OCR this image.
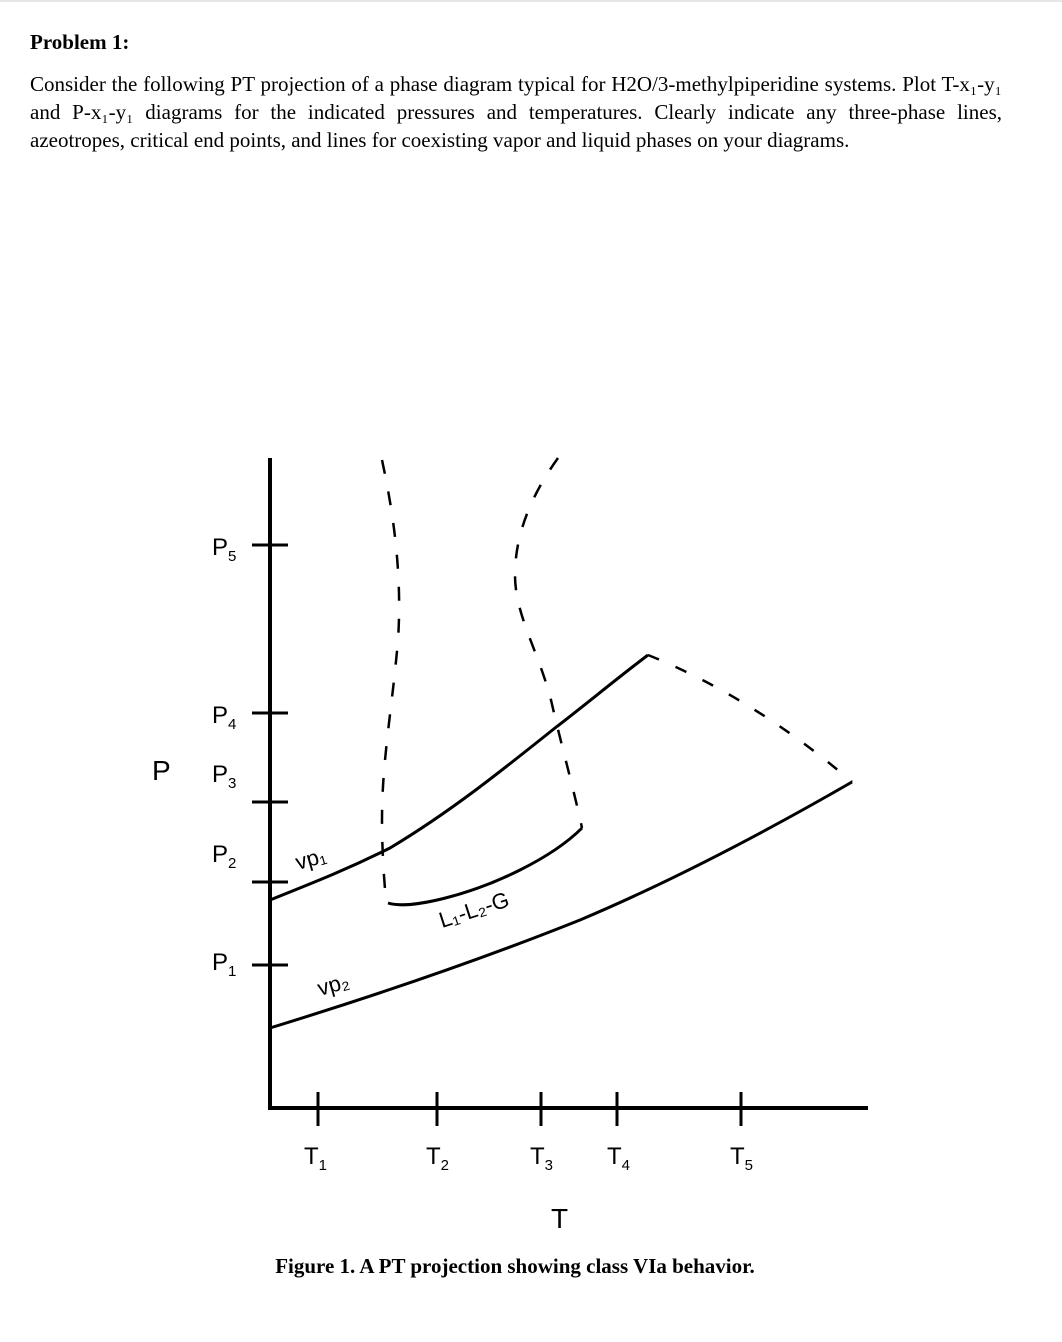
Problem 1:

Consider the following PT projection of a phase diagram typical for H2O/3-methylpiperidine systems. Plot T-x₁-y₁ and P-x₁-y₁ diagrams for the indicated pressures and temperatures. Clearly indicate any three-phase lines, azeotropes, critical end points, and lines for coexisting vapor and liquid phases on your diagrams.

$P_5$
$P_4$
$P_3$
$P_2$
$P_1$
$T_1$	$T_2$	$T_3$ $T_4$	$T_5$
P
T
vp₁
vp₂
L₁-L₂-G

Figure 1. A PT projection showing class VIa behavior.
